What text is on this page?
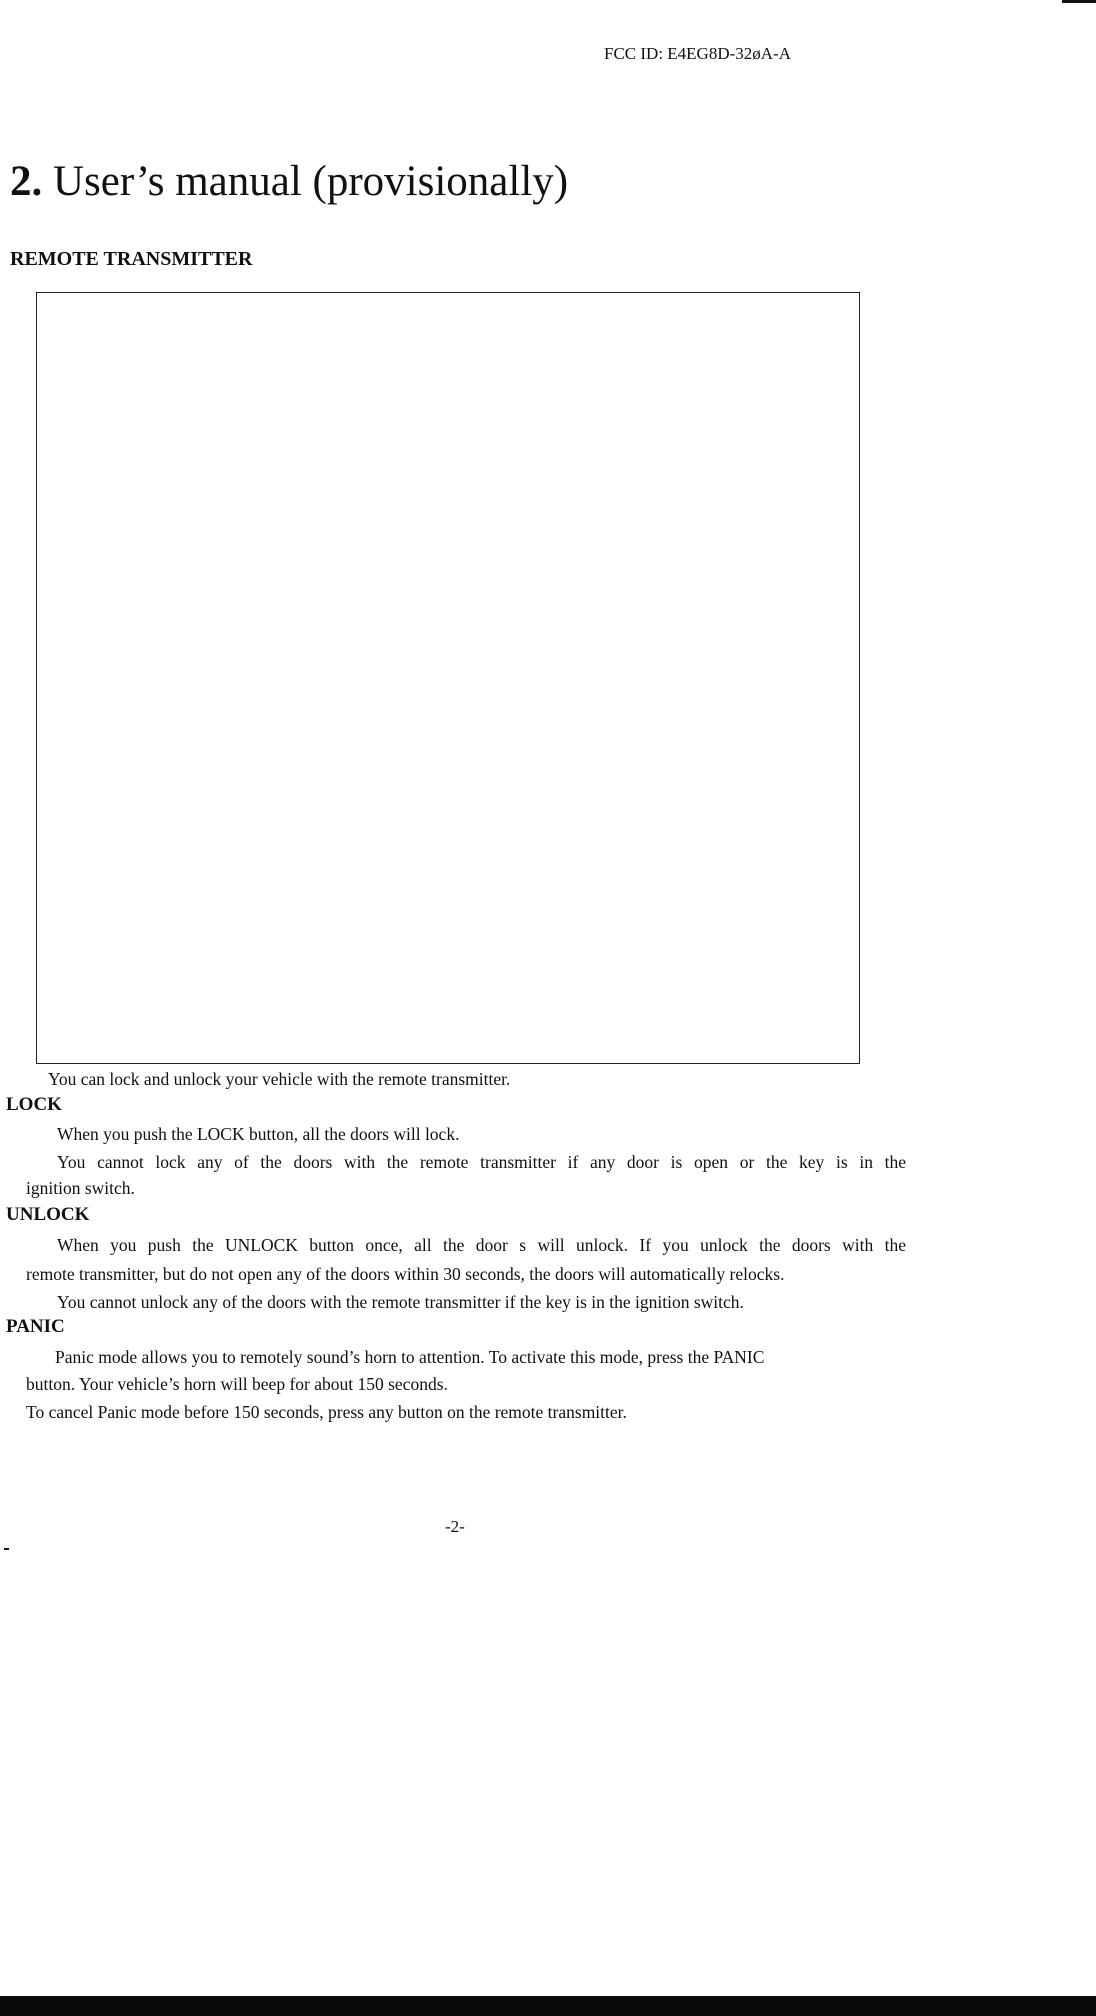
FCC ID: E4EG8D-32øA-A
2. User’s manual (provisionally)
REMOTE TRANSMITTER
You can lock and unlock your vehicle with the remote transmitter.
LOCK
When you push the LOCK button, all the doors will lock.
You cannot lock any of the doors with the remote transmitter if any door is open or the key is in the
ignition switch.
UNLOCK
When you push the UNLOCK button once, all the door s will unlock. If you unlock the doors with the
remote transmitter, but do not open any of the doors within 30 seconds, the doors will automatically relocks.
You cannot unlock any of the doors with the remote transmitter if the key is in the ignition switch.
PANIC
Panic mode allows you to remotely sound’s horn to attention. To activate this mode, press the PANIC
button. Your vehicle’s horn will beep for about 150 seconds.
To cancel Panic mode before 150 seconds, press any button on the remote transmitter.
-2-
